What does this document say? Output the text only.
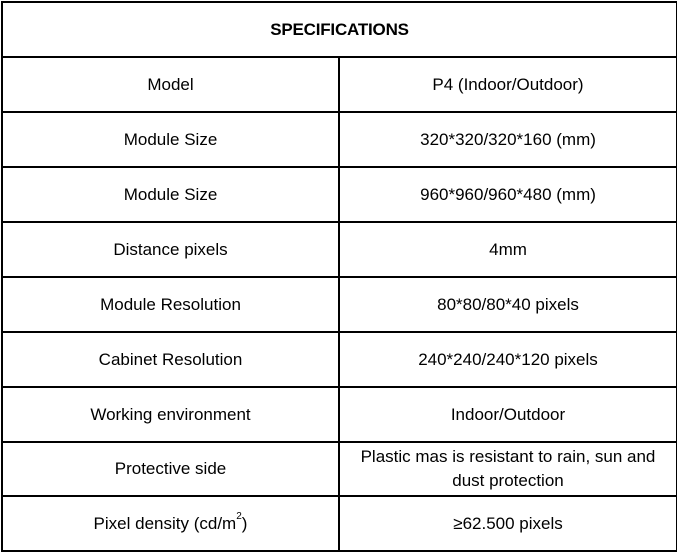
SPECIFICATIONS	
Model	P4 (Indoor/Outdoor)
Module Size	320*320/320*160 (mm)
Module Size	960*960/960*480 (mm)
Distance pixels	4mm
Module Resolution	80*80/80*40 pixels
Cabinet Resolution	240*240/240*120 pixels
Working environment	Indoor/Outdoor
Protective side	Plastic mas is resistant to rain, sun and dust protection
Pixel density $(cd/m^2)$	≥62.500 pixels
